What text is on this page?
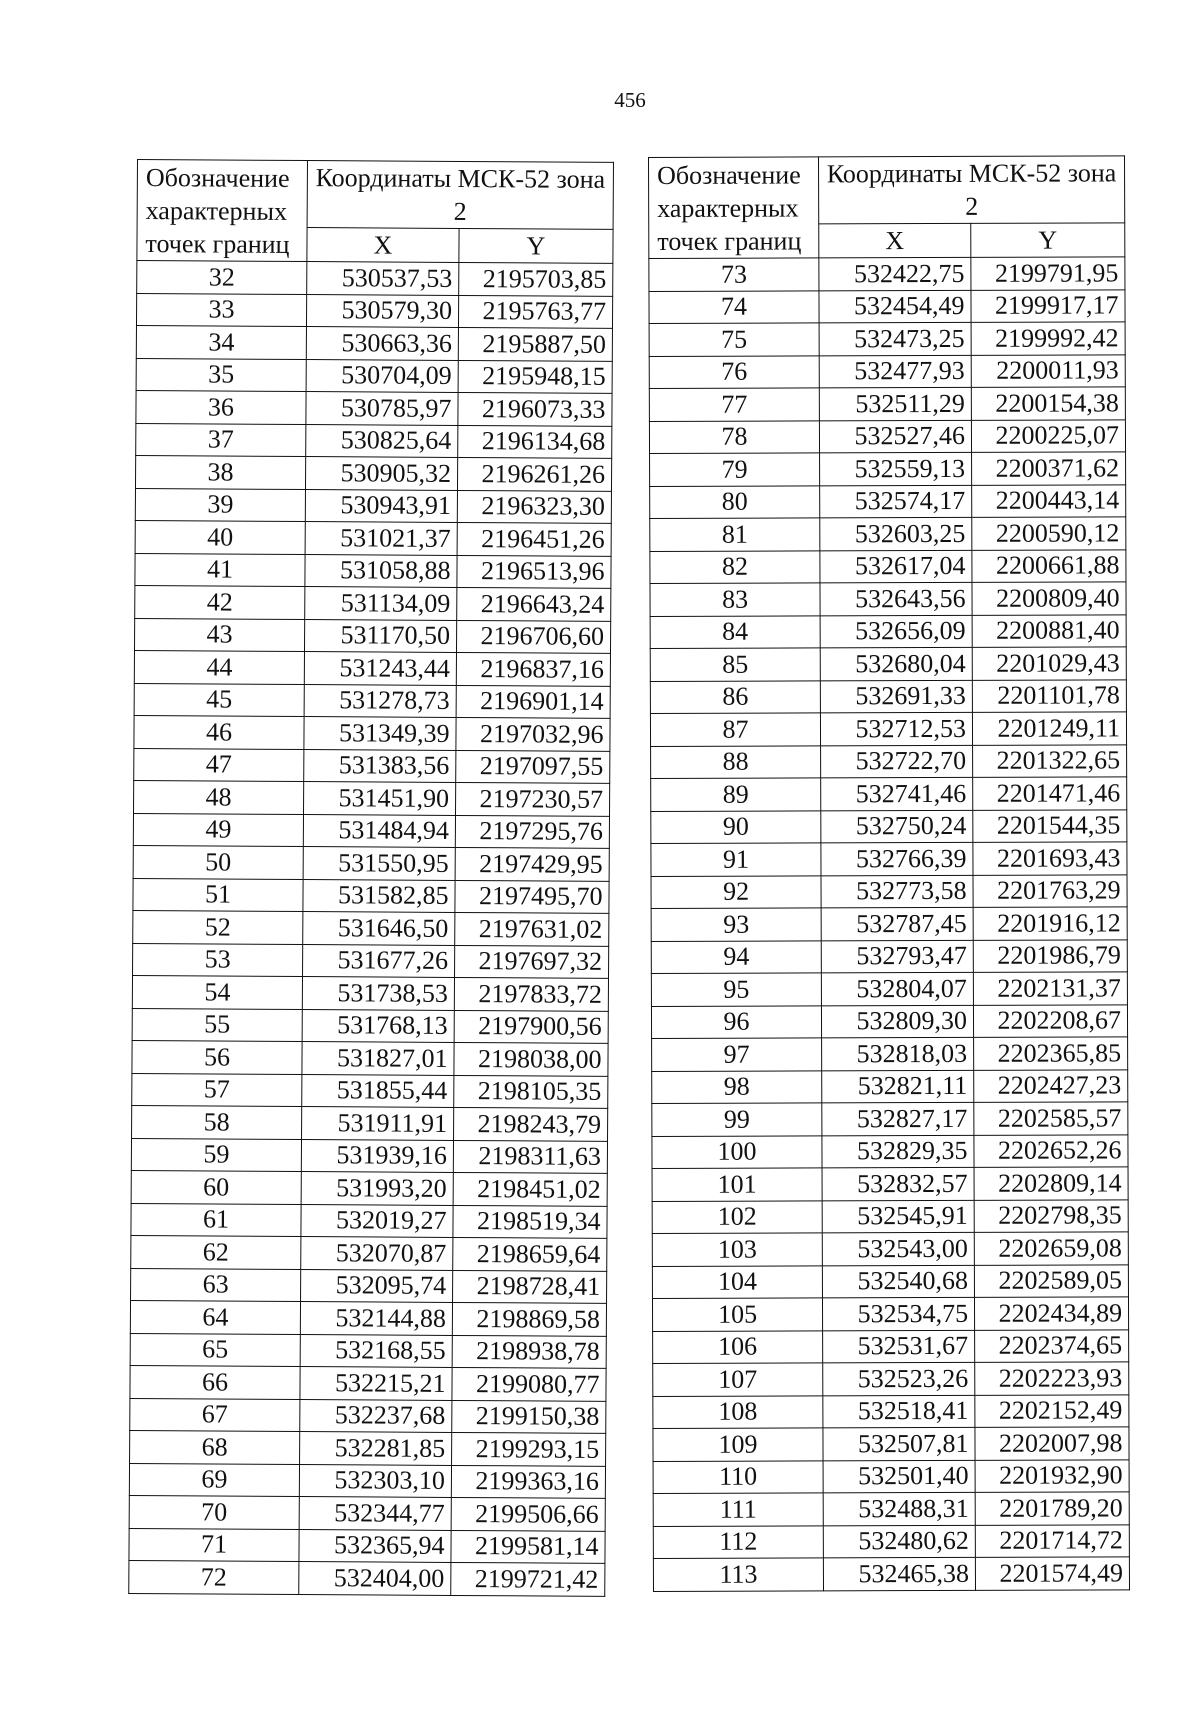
456
Обозначение характерных точек границ	Координаты МСК-52 зона 2	
	X	Y
32	530537,53	2195703,85
33	530579,30	2195763,77
34	530663,36	2195887,50
35	530704,09	2195948,15
36	530785,97	2196073,33
37	530825,64	2196134,68
38	530905,32	2196261,26
39	530943,91	2196323,30
40	531021,37	2196451,26
41	531058,88	2196513,96
42	531134,09	2196643,24
43	531170,50	2196706,60
44	531243,44	2196837,16
45	531278,73	2196901,14
46	531349,39	2197032,96
47	531383,56	2197097,55
48	531451,90	2197230,57
49	531484,94	2197295,76
50	531550,95	2197429,95
51	531582,85	2197495,70
52	531646,50	2197631,02
53	531677,26	2197697,32
54	531738,53	2197833,72
55	531768,13	2197900,56
56	531827,01	2198038,00
57	531855,44	2198105,35
58	531911,91	2198243,79
59	531939,16	2198311,63
60	531993,20	2198451,02
61	532019,27	2198519,34
62	532070,87	2198659,64
63	532095,74	2198728,41
64	532144,88	2198869,58
65	532168,55	2198938,78
66	532215,21	2199080,77
67	532237,68	2199150,38
68	532281,85	2199293,15
69	532303,10	2199363,16
70	532344,77	2199506,66
71	532365,94	2199581,14
72	532404,00	2199721,42
Обозначение характерных точек границ	Координаты МСК-52 зона 2	
	X	Y
73	532422,75	2199791,95
74	532454,49	2199917,17
75	532473,25	2199992,42
76	532477,93	2200011,93
77	532511,29	2200154,38
78	532527,46	2200225,07
79	532559,13	2200371,62
80	532574,17	2200443,14
81	532603,25	2200590,12
82	532617,04	2200661,88
83	532643,56	2200809,40
84	532656,09	2200881,40
85	532680,04	2201029,43
86	532691,33	2201101,78
87	532712,53	2201249,11
88	532722,70	2201322,65
89	532741,46	2201471,46
90	532750,24	2201544,35
91	532766,39	2201693,43
92	532773,58	2201763,29
93	532787,45	2201916,12
94	532793,47	2201986,79
95	532804,07	2202131,37
96	532809,30	2202208,67
97	532818,03	2202365,85
98	532821,11	2202427,23
99	532827,17	2202585,57
100	532829,35	2202652,26
101	532832,57	2202809,14
102	532545,91	2202798,35
103	532543,00	2202659,08
104	532540,68	2202589,05
105	532534,75	2202434,89
106	532531,67	2202374,65
107	532523,26	2202223,93
108	532518,41	2202152,49
109	532507,81	2202007,98
110	532501,40	2201932,90
111	532488,31	2201789,20
112	532480,62	2201714,72
113	532465,38	2201574,49
